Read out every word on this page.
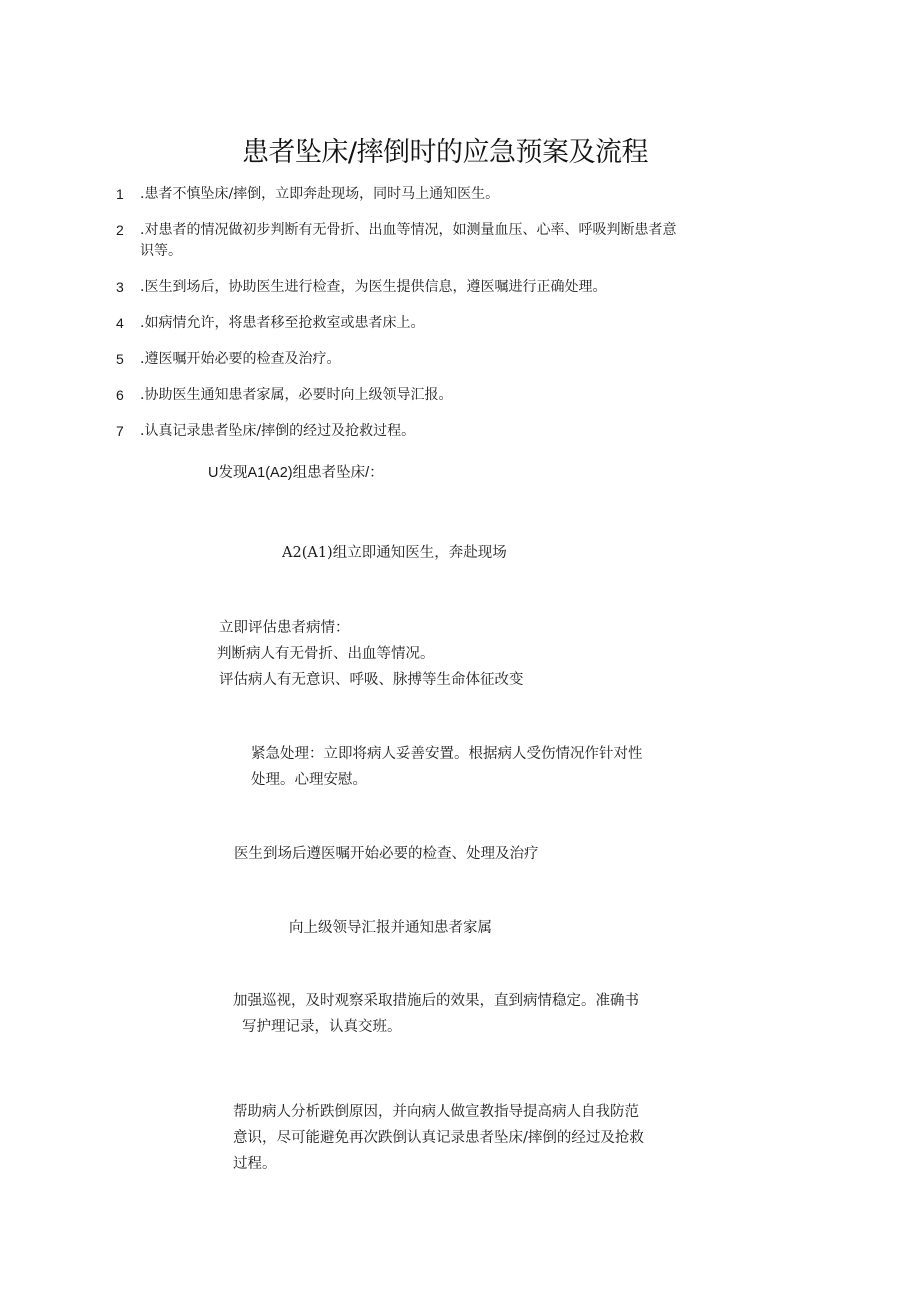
患者坠床/摔倒时的应急预案及流程
1	.患者不慎坠床/摔倒，立即奔赴现场，同时马上通知医生。
2	.对患者的情况做初步判断有无骨折、出血等情况，如测量血压、心率、呼吸判断患者意识等。
3	.医生到场后，协助医生进行检查，为医生提供信息，遵医嘱进行正确处理。
4	.如病情允许，将患者移至抢救室或患者床上。
5	.遵医嘱开始必要的检查及治疗。
6	.协助医生通知患者家属，必要时向上级领导汇报。
7	.认真记录患者坠床/摔倒的经过及抢救过程。
U发现A1(A2)组患者坠床/：
A2(A1)组立即通知医生，奔赴现场
立即评估患者病情：
判断病人有无骨折、出血等情况。
评估病人有无意识、呼吸、脉搏等生命体征改变
紧急处理：立即将病人妥善安置。根据病人受伤情况作针对性
处理。心理安慰。
医生到场后遵医嘱开始必要的检查、处理及治疗
向上级领导汇报并通知患者家属
加强巡视，及时观察采取措施后的效果，直到病情稳定。准确书
写护理记录，认真交班。
帮助病人分析跌倒原因，并向病人做宣教指导提高病人自我防范
意识，尽可能避免再次跌倒认真记录患者坠床/摔倒的经过及抢救
过程。
